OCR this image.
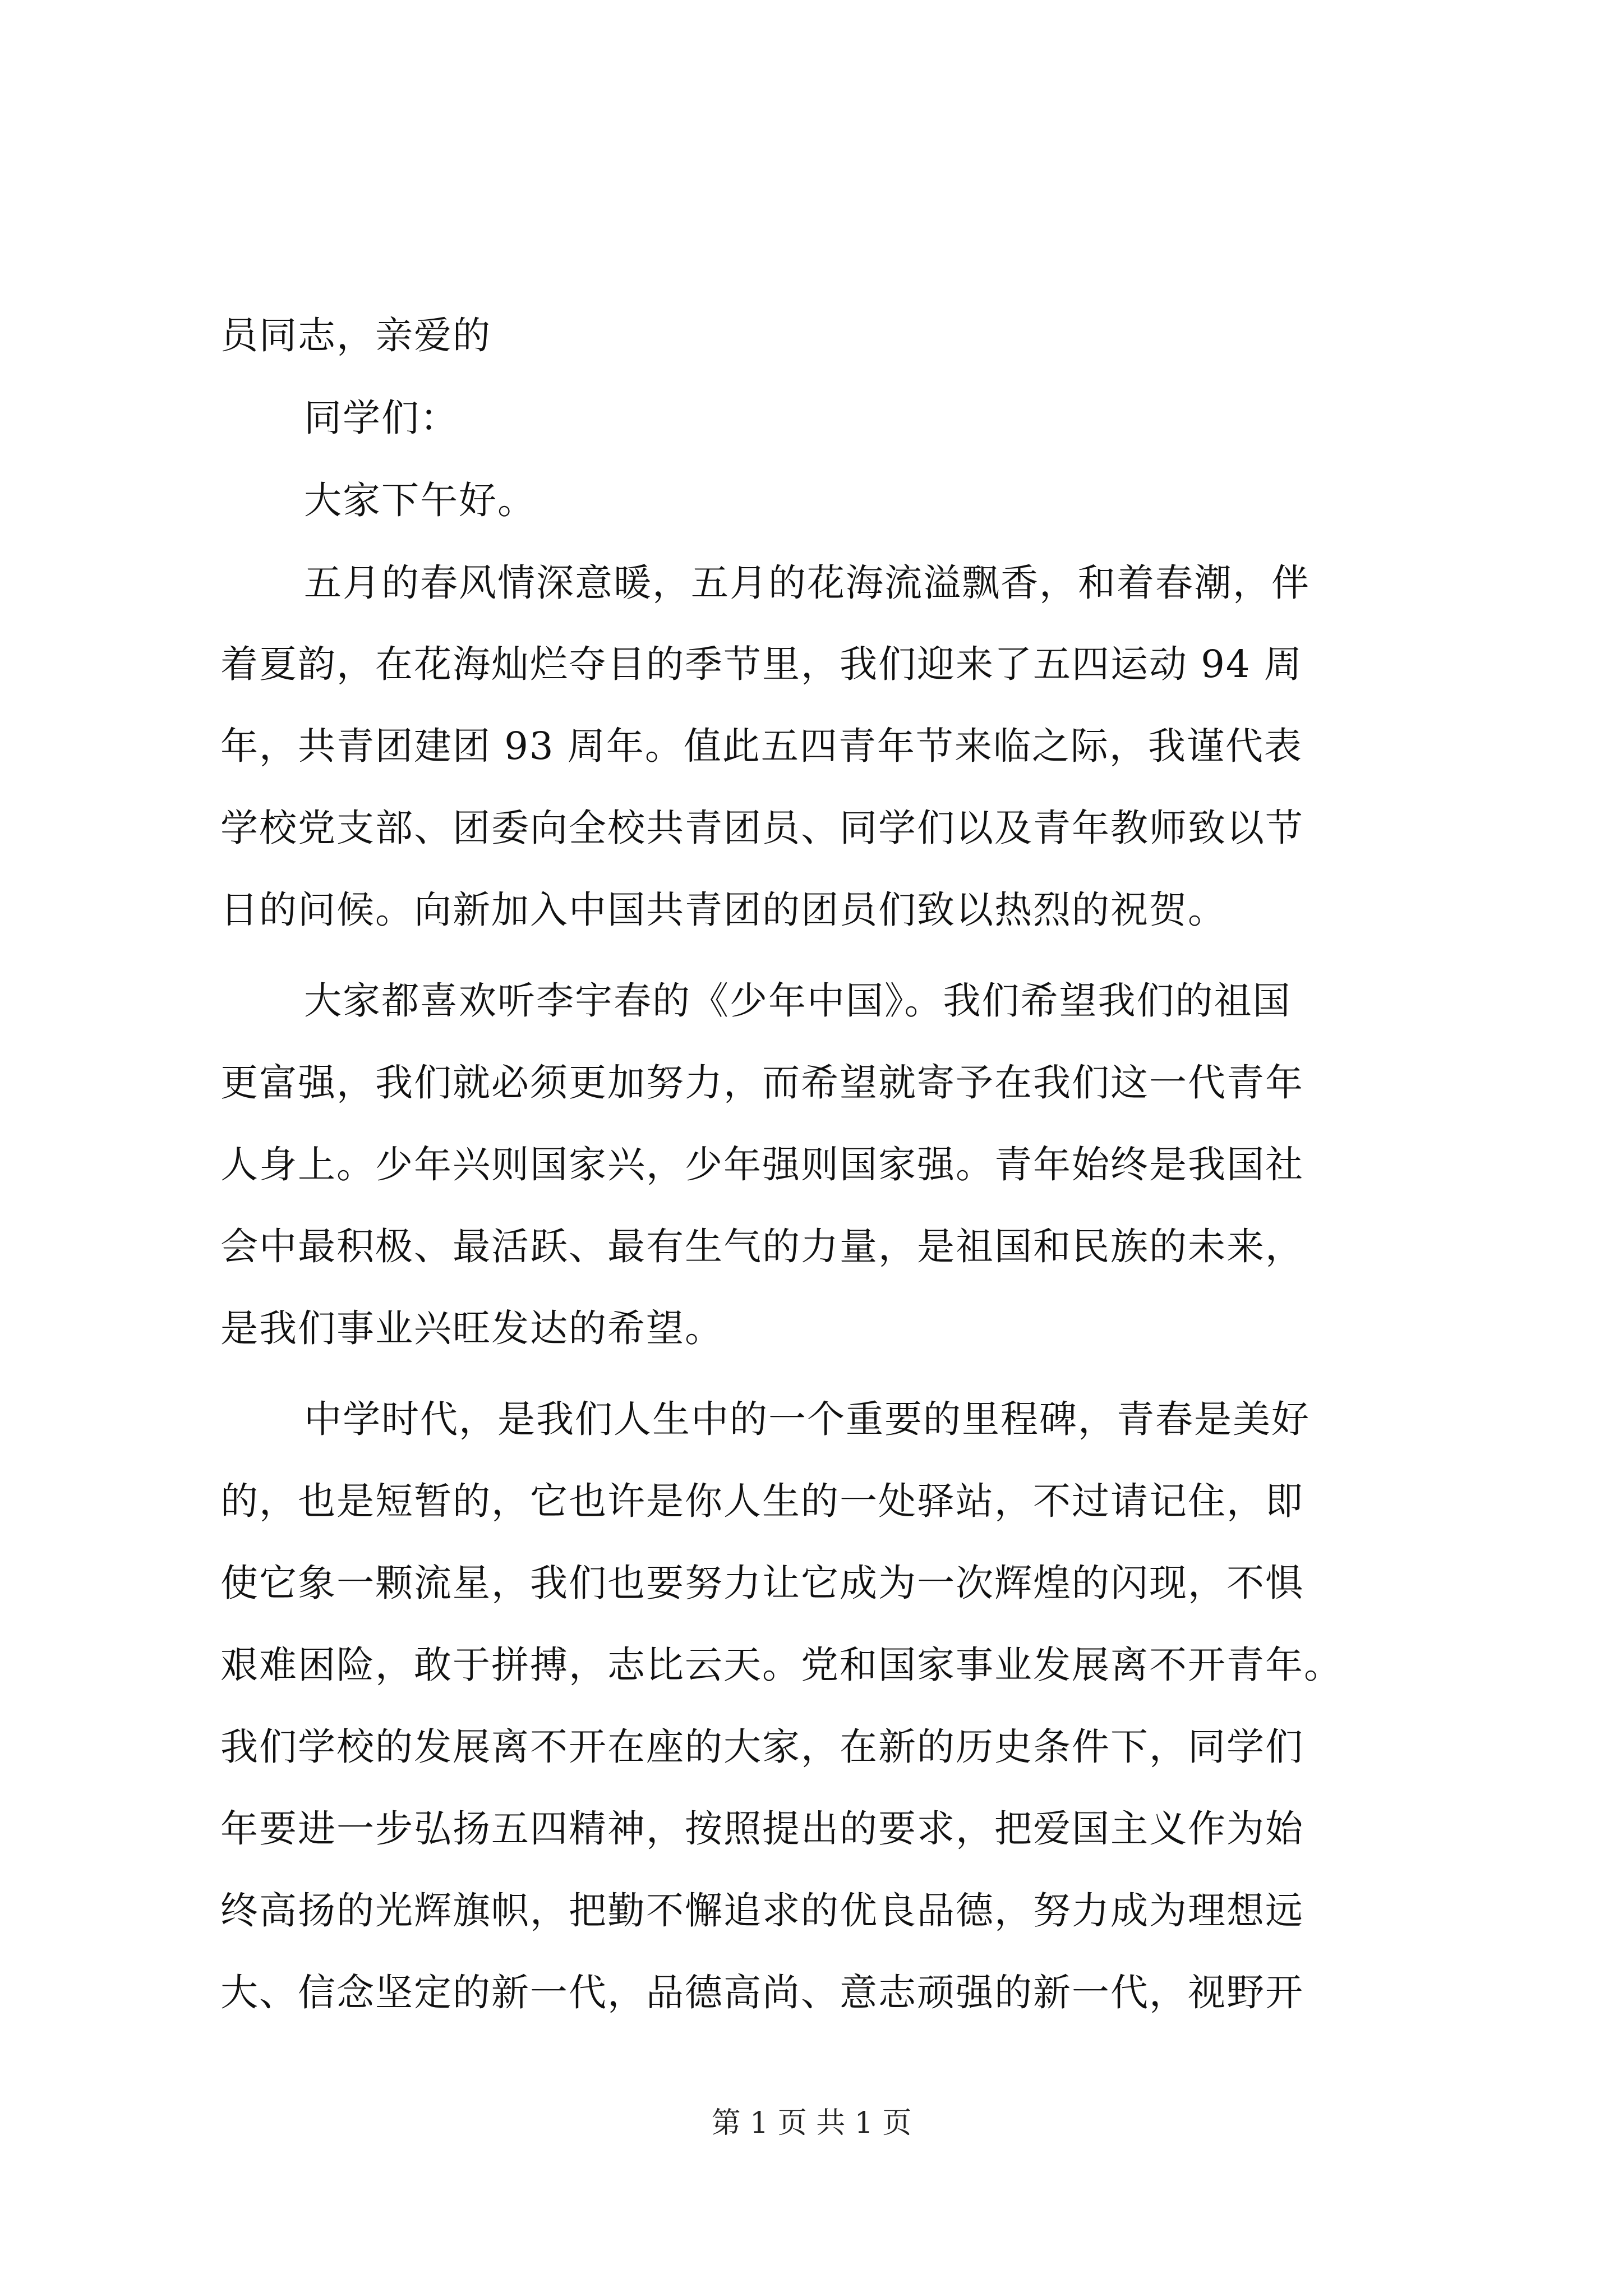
员同志，亲爱的
同学们：
大家下午好。
五月的春风情深意暖，五月的花海流溢飘香，和着春潮，伴
着夏韵，在花海灿烂夺目的季节里，我们迎来了五四运动 94 周
年，共青团建团 93 周年。值此五四青年节来临之际，我谨代表
学校党支部、团委向全校共青团员、同学们以及青年教师致以节
日的问候。向新加入中国共青团的团员们致以热烈的祝贺。
大家都喜欢听李宇春的《少年中国》。我们希望我们的祖国
更富强，我们就必须更加努力，而希望就寄予在我们这一代青年
人身上。少年兴则国家兴，少年强则国家强。青年始终是我国社
会中最积极、最活跃、最有生气的力量，是祖国和民族的未来，
是我们事业兴旺发达的希望。
中学时代，是我们人生中的一个重要的里程碑，青春是美好
的，也是短暂的，它也许是你人生的一处驿站，不过请记住，即
使它象一颗流星，我们也要努力让它成为一次辉煌的闪现，不惧
艰难困险，敢于拼搏，志比云天。党和国家事业发展离不开青年。
我们学校的发展离不开在座的大家，在新的历史条件下，同学们
年要进一步弘扬五四精神，按照提出的要求，把爱国主义作为始
终高扬的光辉旗帜，把勤不懈追求的优良品德，努力成为理想远
大、信念坚定的新一代，品德高尚、意志顽强的新一代，视野开
第 1 页 共 1 页
